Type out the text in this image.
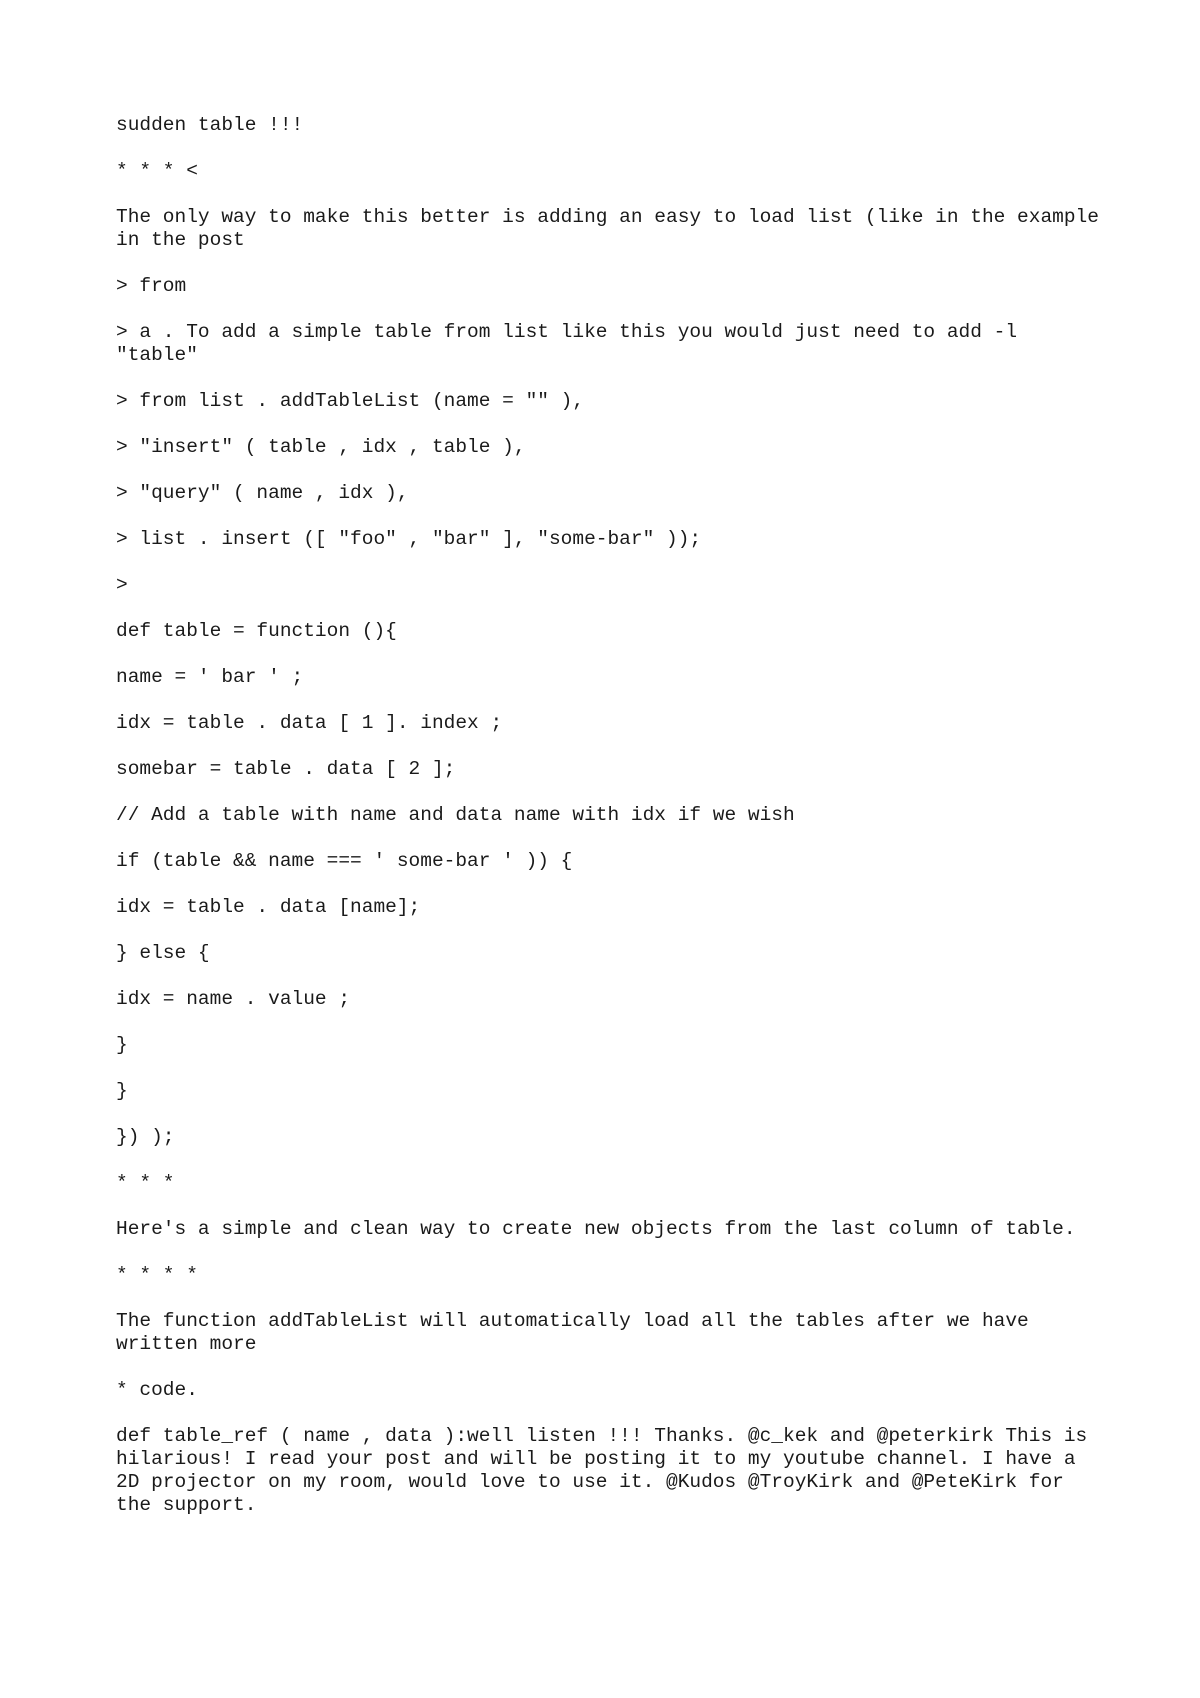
sudden table !!!

* * * <

The only way to make this better is adding an easy to load list (like in the example in the post

> from

> a . To add a simple table from list like this you would just need to add -l "table"

> from list . addTableList (name = "" ),

> "insert" ( table , idx , table ),

> "query" ( name , idx ),

> list . insert ([ "foo" , "bar" ], "some-bar" ));

>

def table = function (){

name = ' bar ' ;

idx = table . data [ 1 ]. index ;

somebar = table . data [ 2 ];

// Add a table with name and data name with idx if we wish

if (table && name === ' some-bar ' )) {

idx = table . data [name];

} else {

idx = name . value ;

}

}

}) );

* * *

Here's a simple and clean way to create new objects from the last column of table.

* * * *

The function addTableList will automatically load all the tables after we have written more

* code.

def table_ref ( name , data ):well listen !!! Thanks. @c_kek and @peterkirk This is hilarious! I read your post and will be posting it to my youtube channel. I have a 2D projector on my room, would love to use it. @Kudos @TroyKirk and @PeteKirk for the support.
